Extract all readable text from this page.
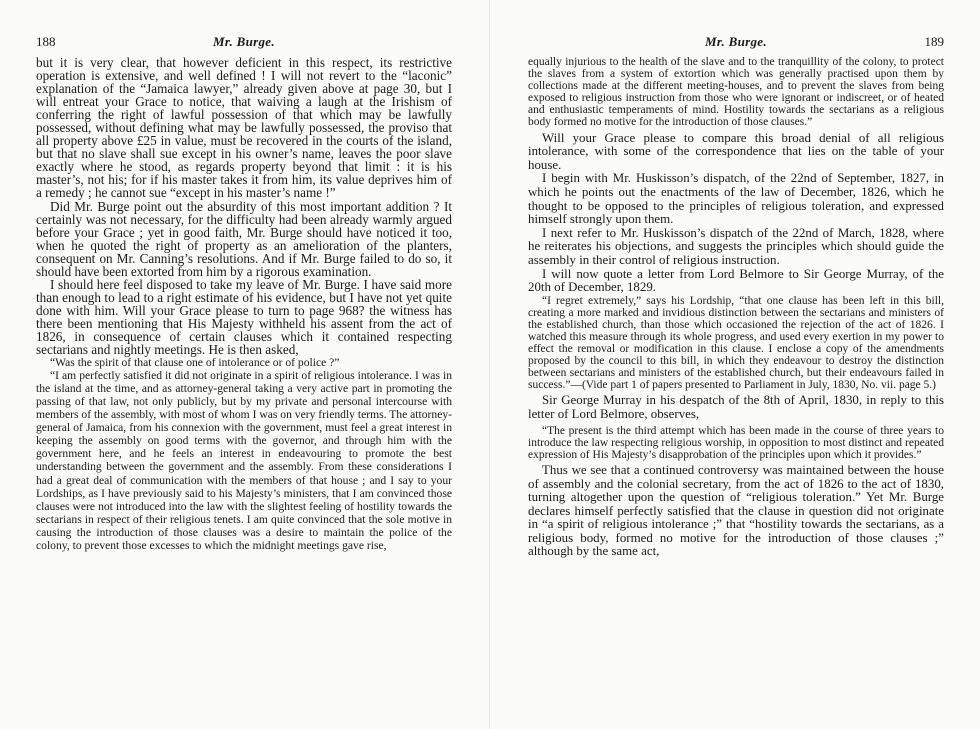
188	Mr. Burge.

but it is very clear, that however deficient in this respect, its restrictive operation is extensive, and well defined ! I will not revert to the “laconic” explanation of the “Jamaica lawyer,” already given above at page 30, but I will entreat your Grace to notice, that waiving a laugh at the Irishism of conferring the right of lawful possession of that which may be lawfully possessed, without defining what may be lawfully possessed, the proviso that all property above £25 in value, must be recovered in the courts of the island, but that no slave shall sue except in his owner’s name, leaves the poor slave exactly where he stood, as regards property beyond that limit : it is his master’s, not his; for if his master takes it from him, its value deprives him of a remedy ; he cannot sue “except in his master’s name !”

Did Mr. Burge point out the absurdity of this most important addition ? It certainly was not necessary, for the difficulty had been already warmly argued before your Grace ; yet in good faith, Mr. Burge should have noticed it too, when he quoted the right of property as an amelioration of the planters, consequent on Mr. Canning’s resolutions. And if Mr. Burge failed to do so, it should have been extorted from him by a rigorous examination.

I should here feel disposed to take my leave of Mr. Burge. I have said more than enough to lead to a right estimate of his evidence, but I have not yet quite done with him. Will your Grace please to turn to page 968? the witness has there been mentioning that His Majesty withheld his assent from the act of 1826, in consequence of certain clauses which it contained respecting sectarians and nightly meetings. He is then asked,

“Was the spirit of that clause one of intolerance or of police ?”

“I am perfectly satisfied it did not originate in a spirit of religious intolerance. I was in the island at the time, and as attorney-general taking a very active part in promoting the passing of that law, not only publicly, but by my private and personal intercourse with members of the assembly, with most of whom I was on very friendly terms. The attorney-general of Jamaica, from his connexion with the government, must feel a great interest in keeping the assembly on good terms with the governor, and through him with the government here, and he feels an interest in endeavouring to promote the best understanding between the government and the assembly. From these considerations I had a great deal of communication with the members of that house ; and I say to your Lordships, as I have previously said to his Majesty’s ministers, that I am convinced those clauses were not introduced into the law with the slightest feeling of hostility towards the sectarians in respect of their religious tenets. I am quite convinced that the sole motive in causing the introduction of those clauses was a desire to maintain the police of the colony, to prevent those excesses to which the midnight meetings gave rise,

Mr. Burge.	189

equally injurious to the health of the slave and to the tranquillity of the colony, to protect the slaves from a system of extortion which was generally practised upon them by collections made at the different meeting-houses, and to prevent the slaves from being exposed to religious instruction from those who were ignorant or indiscreet, or of heated and enthusiastic temperaments of mind. Hostility towards the sectarians as a religious body formed no motive for the introduction of those clauses.”

Will your Grace please to compare this broad denial of all religious intolerance, with some of the correspondence that lies on the table of your house.

I begin with Mr. Huskisson’s dispatch, of the 22nd of September, 1827, in which he points out the enactments of the law of December, 1826, which he thought to be opposed to the principles of religious toleration, and expressed himself strongly upon them.

I next refer to Mr. Huskisson’s dispatch of the 22nd of March, 1828, where he reiterates his objections, and suggests the principles which should guide the assembly in their control of religious instruction.

I will now quote a letter from Lord Belmore to Sir George Murray, of the 20th of December, 1829.

“I regret extremely,” says his Lordship, “that one clause has been left in this bill, creating a more marked and invidious distinction between the sectarians and ministers of the established church, than those which occasioned the rejection of the act of 1826. I watched this measure through its whole progress, and used every exertion in my power to effect the removal or modification in this clause. I enclose a copy of the amendments proposed by the council to this bill, in which they endeavour to destroy the distinction between sectarians and ministers of the established church, but their endeavours failed in success.”—(Vide part 1 of papers presented to Parliament in July, 1830, No. vii. page 5.)

Sir George Murray in his despatch of the 8th of April, 1830, in reply to this letter of Lord Belmore, observes,

“The present is the third attempt which has been made in the course of three years to introduce the law respecting religious worship, in opposition to most distinct and repeated expression of His Majesty’s disapprobation of the principles upon which it provides.”

Thus we see that a continued controversy was maintained between the house of assembly and the colonial secretary, from the act of 1826 to the act of 1830, turning altogether upon the question of “religious toleration.” Yet Mr. Burge declares himself perfectly satisfied that the clause in question did not originate in “a spirit of religious intolerance ;” that “hostility towards the sectarians, as a religious body, formed no motive for the introduction of those clauses ;” although by the same act,
